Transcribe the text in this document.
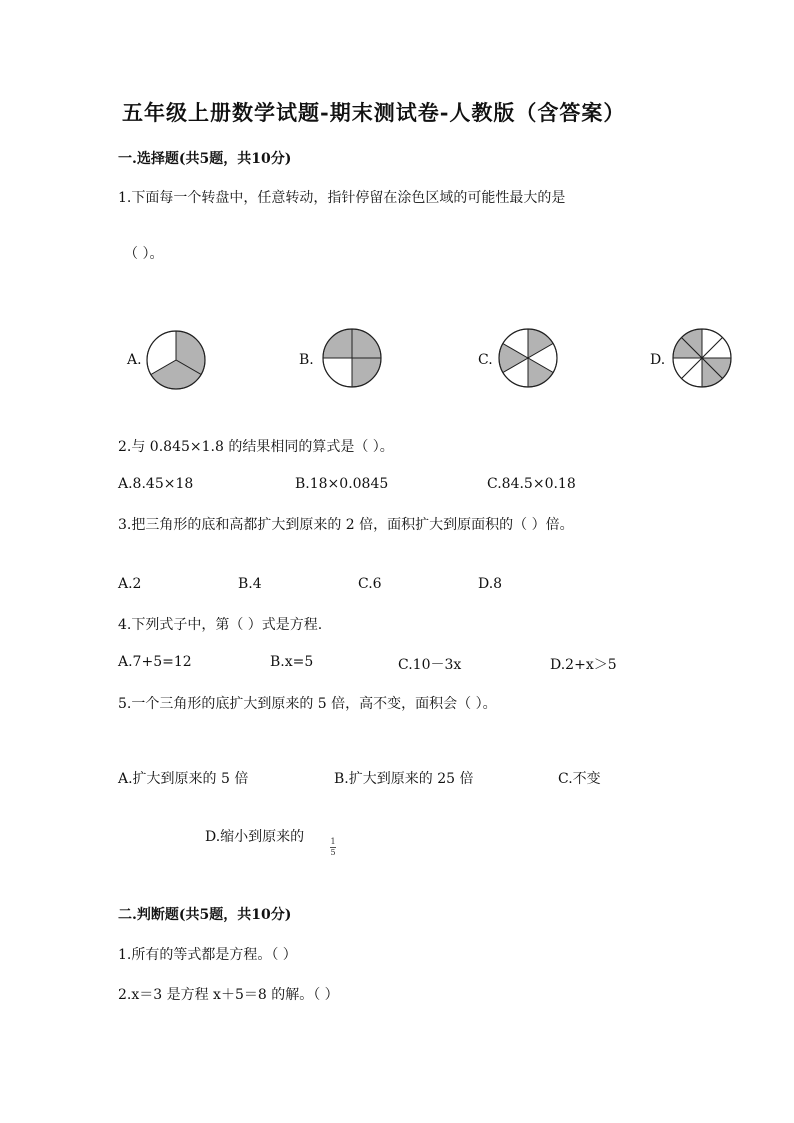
五年级上册数学试题-期末测试卷-人教版（含答案）
一.选择题(共5题，共10分)
1.下面每一个转盘中，任意转动，指针停留在涂色区域的可能性最大的是
（ ）。
A.	B.	C.	D.
2.与 0.845×1.8 的结果相同的算式是（ ）。
A.8.45×18	B.18×0.0845	C.84.5×0.18
3.把三角形的底和高都扩大到原来的 2 倍，面积扩大到原面积的（ ）倍。
A.2	B.4	C.6	D.8
4.下列式子中，第（ ）式是方程.
A.7+5=12	B.x=5	C.10－3x	D.2+x＞5
5.一个三角形的底扩大到原来的 5 倍，高不变，面积会（ ）。
A.扩大到原来的 5 倍	B.扩大到原来的 25 倍	C.不变
D.缩小到原来的	1
5
二.判断题(共5题，共10分)
1.所有的等式都是方程。（ ）
2.x＝3 是方程 x＋5＝8 的解。（ ）
